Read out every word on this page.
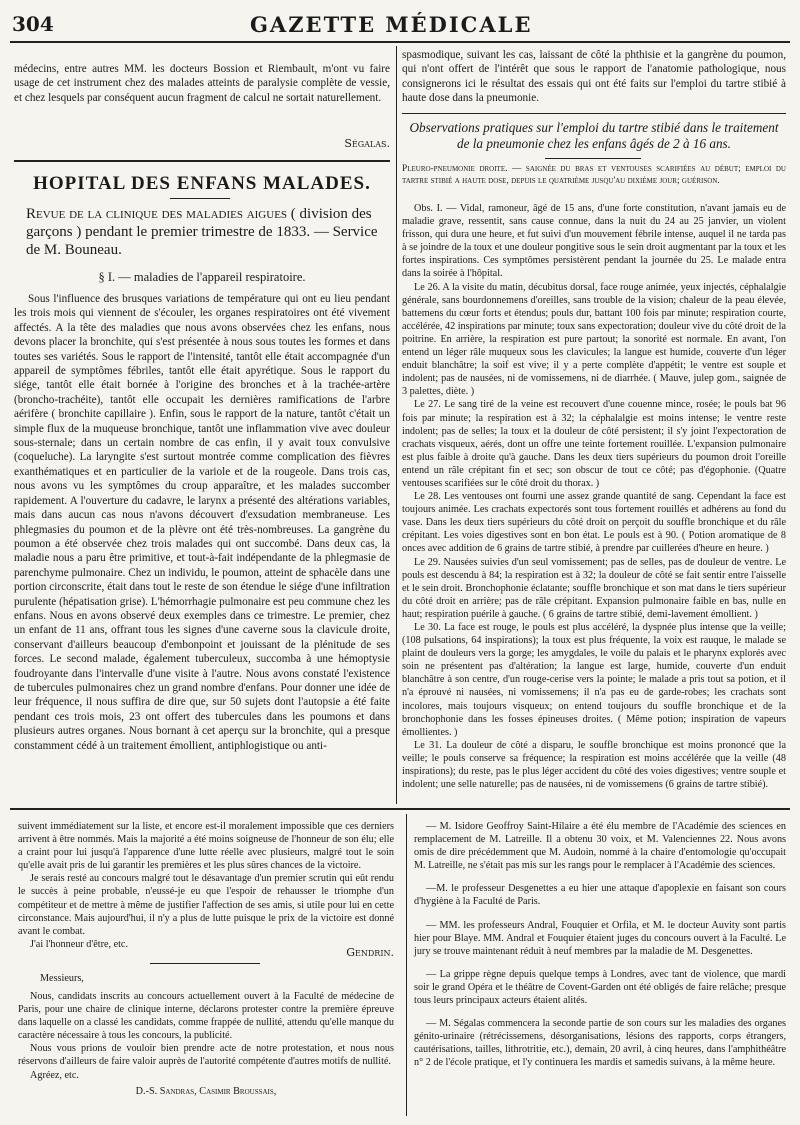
304	GAZETTE MÉDICALE

médecins, entre autres MM. les docteurs Bossion et Riembault, m'ont vu faire usage de cet instrument chez des malades atteints de paralysie complète de vessie, et chez lesquels par conséquent aucun fragment de calcul ne sortait naturellement.

Ségalas.
HOPITAL DES ENFANS MALADES.
Revue de la clinique des maladies aigues ( division des garçons ) pendant le premier trimestre de 1833. — Service de M. Bouneau.
§ I. — maladies de l'appareil respiratoire.

Sous l'influence des brusques variations de température qui ont eu lieu pendant les trois mois qui viennent de s'écouler, les organes respiratoires ont été vivement affectés. A la tête des maladies que nous avons observées chez les enfans, nous devons placer la bronchite, qui s'est présentée à nous sous toutes les formes et dans toutes ses variétés. Sous le rapport de l'intensité, tantôt elle était accompagnée d'un appareil de symptômes fébriles, tantôt elle était apyrétique. Sous le rapport du siége, tantôt elle était bornée à l'origine des bronches et à la trachée-artère (broncho-trachéite), tantôt elle occupait les dernières ramifications de l'arbre aérifère ( bronchite capillaire ). Enfin, sous le rapport de la nature, tantôt c'était un simple flux de la muqueuse bronchique, tantôt une inflammation vive avec douleur sous-sternale; dans un certain nombre de cas enfin, il y avait toux convulsive (coqueluche). La laryngite s'est surtout montrée comme complication des fièvres exanthématiques et en particulier de la variole et de la rougeole. Dans trois cas, nous avons vu les symptômes du croup apparaître, et les malades succomber rapidement. A l'ouverture du cadavre, le larynx a présenté des altérations variables, mais dans aucun cas nous n'avons découvert d'exsudation membraneuse. Les phlegmasies du poumon et de la plèvre ont été très-nombreuses. La gangrène du poumon a été observée chez trois malades qui ont succombé. Dans deux cas, la maladie nous a paru être primitive, et tout-à-fait indépendante de la phlegmasie de parenchyme pulmonaire. Chez un individu, le poumon, atteint de sphacèle dans une portion circonscrite, était dans tout le reste de son étendue le siége d'une infiltration purulente (hépatisation grise). L'hémorrhagie pulmonaire est peu commune chez les enfans. Nous en avons observé deux exemples dans ce trimestre. Le premier, chez un enfant de 11 ans, offrant tous les signes d'une caverne sous la clavicule droite, conservant d'ailleurs beaucoup d'embonpoint et jouissant de la plénitude de ses forces. Le second malade, également tuberculeux, succomba à une hémoptysie foudroyante dans l'intervalle d'une visite à l'autre. Nous avons constaté l'existence de tubercules pulmonaires chez un grand nombre d'enfans. Pour donner une idée de leur fréquence, il nous suffira de dire que, sur 50 sujets dont l'autopsie a été faite pendant ces trois mois, 23 ont offert des tubercules dans les poumons et dans plusieurs autres organes. Nous bornant à cet aperçu sur la bronchite, qui a presque constamment cédé à un traitement émollient, antiphlogistique ou anti-

spasmodique, suivant les cas, laissant de côté la phthisie et la gangrène du poumon, qui n'ont offert de l'intérêt que sous le rapport de l'anatomie pathologique, nous consignerons ici le résultat des essais qui ont été faits sur l'emploi du tartre stibié à haute dose dans la pneumonie.

Observations pratiques sur l'emploi du tartre stibié dans le traitement de la pneumonie chez les enfans âgés de 2 à 16 ans.
Pleuro-pneumonie droite. — saignée du bras et ventouses scarifiées au début; emploi du tartre stibié a haute dose, depuis le quatrième jusqu'au dixième jour; guérison.

Obs. I. — Vidal, ramoneur, âgé de 15 ans, d'une forte constitution, n'avant jamais eu de maladie grave, ressentit, sans cause connue, dans la nuit du 24 au 25 janvier, un violent frisson, qui dura une heure, et fut suivi d'un mouvement fébrile intense, auquel il ne tarda pas à se joindre de la toux et une douleur pongitive sous le sein droit augmentant par la toux et les fortes inspirations. Ces symptômes persistèrent pendant la journée du 25. Le malade entra dans la soirée à l'hôpital.

Le 26. A la visite du matin, décubitus dorsal, face rouge animée, yeux injectés, céphalalgie générale, sans bourdonnemens d'oreilles, sans trouble de la vision; chaleur de la peau élevée, battemens du cœur forts et étendus; pouls dur, battant 100 fois par minute; respiration courte, accélérée, 42 inspirations par minute; toux sans expectoration; douleur vive du côté droit de la poitrine. En arrière, la respiration est pure partout; la sonorité est normale. En avant, l'on entend un léger râle muqueux sous les clavicules; la langue est humide, couverte d'un léger enduit blanchâtre; la soif est vive; il y a perte complète d'appétit; le ventre est souple et indolent; pas de nausées, ni de vomissemens, ni de diarrhée. ( Mauve, julep gom., saignée de 3 palettes, diète. )

Le 27. Le sang tiré de la veine est recouvert d'une couenne mince, rosée; le pouls bat 96 fois par minute; la respiration est à 32; la céphalalgie est moins intense; le ventre reste indolent; pas de selles; la toux et la douleur de côté persistent; il s'y joint l'expectoration de crachats visqueux, aérés, dont un offre une teinte fortement rouillée. L'expansion pulmonaire est plus faible à droite qu'à gauche. Dans les deux tiers supérieurs du poumon droit l'oreille entend un râle crépitant fin et sec; son obscur de tout ce côté; pas d'égophonie. (Quatre ventouses scarifiées sur le côté droit du thorax. )

Le 28. Les ventouses ont fourni une assez grande quantité de sang. Cependant la face est toujours animée. Les crachats expectorés sont tous fortement rouillés et adhérens au fond du vase. Dans les deux tiers supérieurs du côté droit on perçoit du souffle bronchique et du râle crépitant. Les voies digestives sont en bon état. Le pouls est à 90. ( Potion aromatique de 8 onces avec addition de 6 grains de tartre stibié, à prendre par cuillerées d'heure en heure. )

Le 29. Nausées suivies d'un seul vomissement; pas de selles, pas de douleur de ventre. Le pouls est descendu à 84; la respiration est à 32; la douleur de côté se fait sentir entre l'aisselle et le sein droit. Bronchophonie éclatante; souffle bronchique et son mat dans le tiers supérieur du côté droit en arrière; pas de râle crépitant. Expansion pulmonaire faible en bas, nulle en haut; respiration puérile à gauche. ( 6 grains de tartre stibié, demi-lavement émollient. )

Le 30. La face est rouge, le pouls est plus accéléré, la dyspnée plus intense que la veille; (108 pulsations, 64 inspirations); la toux est plus fréquente, la voix est rauque, le malade se plaint de douleurs vers la gorge; les amygdales, le voile du palais et le pharynx explorés avec soin ne présentent pas d'altération; la langue est large, humide, couverte d'un enduit blanchâtre à son centre, d'un rouge-cerise vers la pointe; le malade a pris tout sa potion, et il n'a éprouvé ni nausées, ni vomissemens; il n'a pas eu de garde-robes; les crachats sont incolores, mais toujours visqueux; on entend toujours du souffle bronchique et de la bronchophonie dans les fosses épineuses droites. ( Même potion; inspiration de vapeurs émollientes. )

Le 31. La douleur de côté a disparu, le souffle bronchique est moins prononcé que la veille; le pouls conserve sa fréquence; la respiration est moins accélérée que la veille (48 inspirations); du reste, pas le plus léger accident du côté des voies digestives; ventre souple et indolent; une selle naturelle; pas de nausées, ni de vomissemens (6 grains de tartre stibié).

suivent immédiatement sur la liste, et encore est-il moralement impossible que ces derniers arrivent à être nommés. Mais la majorité a été moins soigneuse de l'honneur de son élu; elle a craint pour lui jusqu'à l'apparence d'une lutte réelle avec plusieurs, malgré tout le soin qu'elle avait pris de lui garantir les premières et les plus sûres chances de la victoire.

Je serais resté au concours malgré tout le désavantage d'un premier scrutin qui eût rendu le succès à peine probable, n'eussé-je eu que l'espoir de rehausser le triomphe d'un compétiteur et de mettre à même de justifier l'affection de ses amis, si utile pour lui en cette circonstance. Mais aujourd'hui, il n'y a plus de lutte puisque le prix de la victoire est donné avant le combat.

J'ai l'honneur d'être, etc.

Gendrin.
Messieurs,

Nous, candidats inscrits au concours actuellement ouvert à la Faculté de médecine de Paris, pour une chaire de clinique interne, déclarons protester contre la première épreuve dans laquelle on a classé les candidats, comme frappée de nullité, attendu qu'elle manque du caractère nécessaire à tous les concours, la publicité.

Nous vous prions de vouloir bien prendre acte de notre protestation, et nous nous réservons d'ailleurs de faire valoir auprès de l'autorité compétente d'autres motifs de nullité.

Agréez, etc.

D.-S. Sandras, Casimir Broussais,

— M. Isidore Geoffroy Saint-Hilaire a été élu membre de l'Académie des sciences en remplacement de M. Latreille. Il a obtenu 30 voix, et M. Valenciennes 22. Nous avons omis de dire précédemment que M. Audoin, nommé à la chaire d'entomologie qu'occupait M. Latreille, ne s'était pas mis sur les rangs pour le remplacer à l'Académie des sciences.

—M. le professeur Desgenettes a eu hier une attaque d'apoplexie en faisant son cours d'hygiène à la Faculté de Paris.

— MM. les professeurs Andral, Fouquier et Orfila, et M. le docteur Auvity sont partis hier pour Blaye. MM. Andral et Fouquier étaient juges du concours ouvert à la Faculté. Le jury se trouve maintenant réduit à neuf membres par la maladie de M. Desgenettes.

— La grippe règne depuis quelque temps à Londres, avec tant de violence, que mardi soir le grand Opéra et le théâtre de Covent-Garden ont été obligés de faire relâche; presque tous leurs principaux acteurs étaient alités.

— M. Ségalas commencera la seconde partie de son cours sur les maladies des organes génito-urinaire (rétrécissemens, désorganisations, lésions des rapports, corps étrangers, cautérisations, tailles, lithrotritie, etc.), demain, 20 avril, à cinq heures, dans l'amphithéâtre n° 2 de l'école pratique, et l'y continuera les mardis et samedis suivans, à la même heure.
